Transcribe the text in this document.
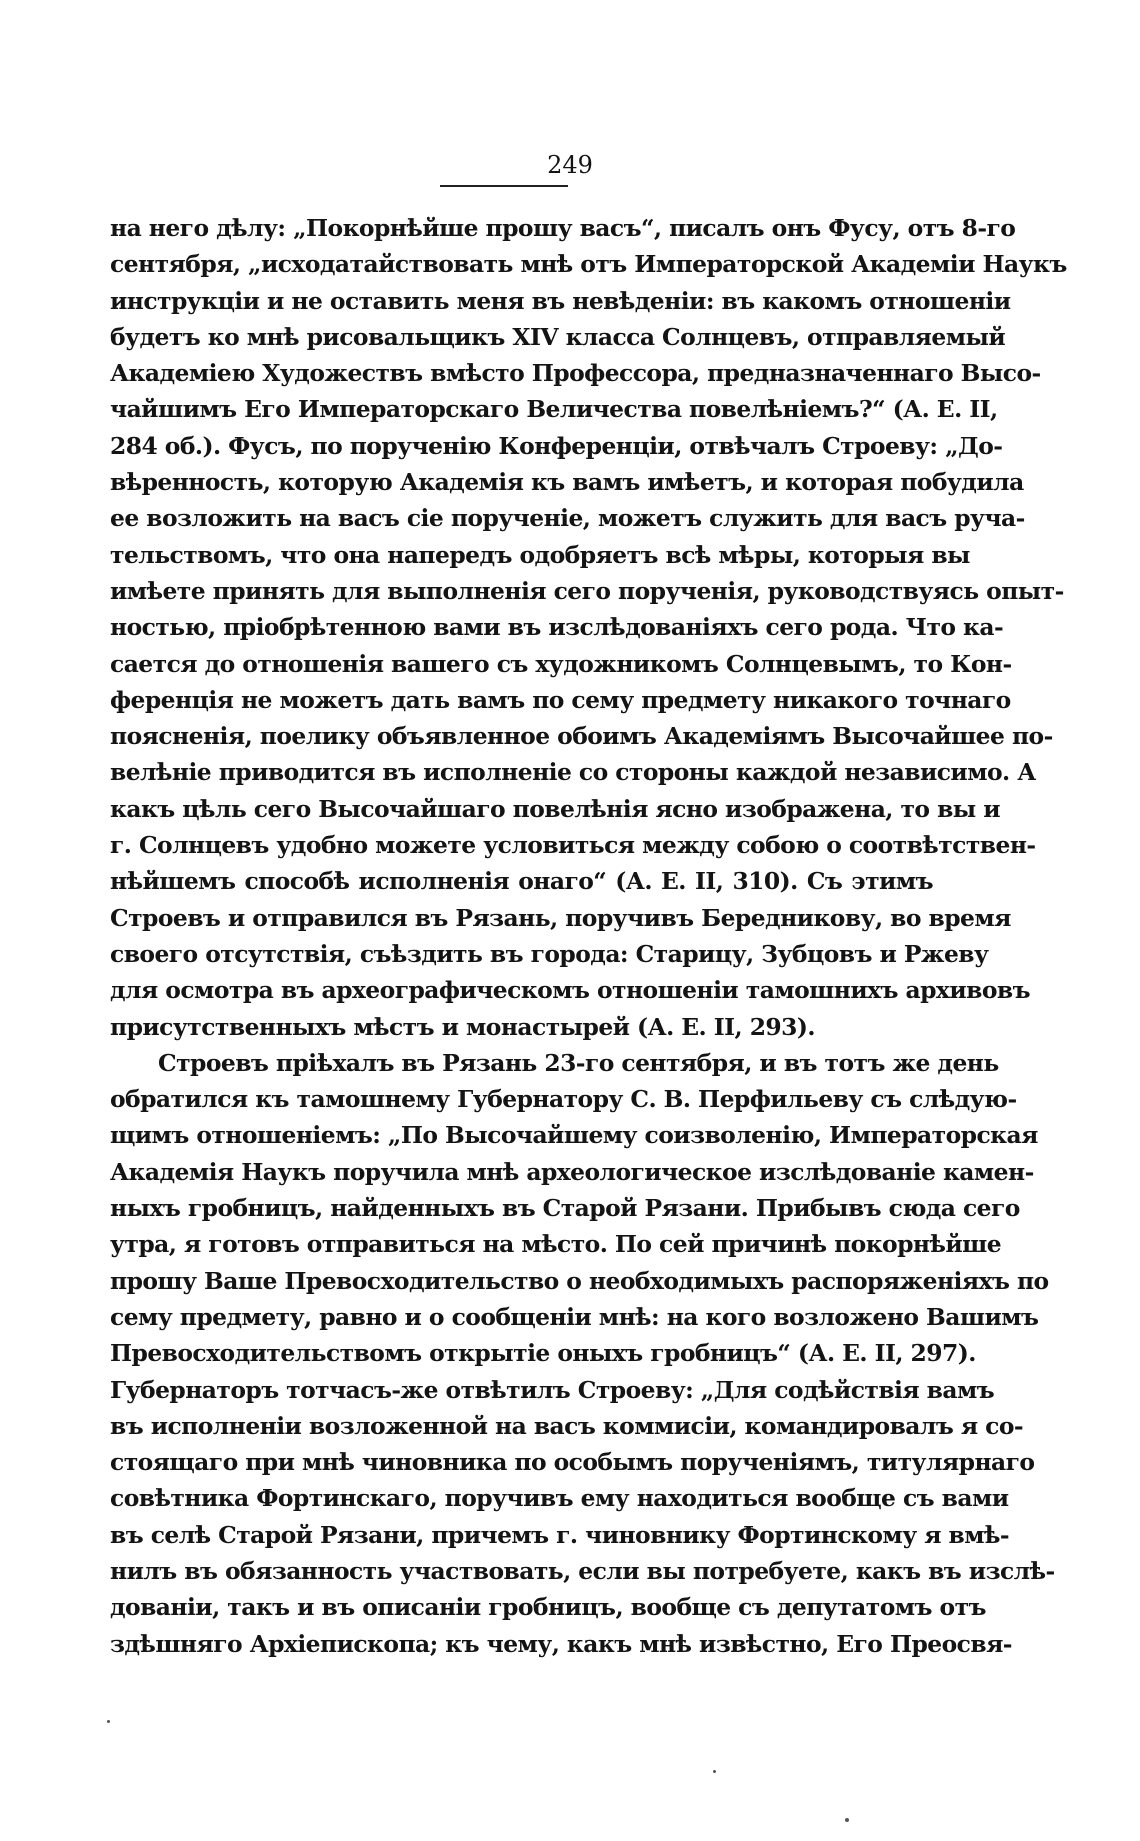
249
на него дѣлу: „Покорнѣйше прошу васъ“, писалъ онъ Фусу, отъ 8-го
сентября, „исходатайствовать мнѣ отъ Императорской Академіи Наукъ
инструкціи и не оставить меня въ невѣденіи: въ какомъ отношеніи
будетъ ко мнѣ рисовальщикъ XIV класса Солнцевъ, отправляемый
Академіею Художествъ вмѣсто Профессора, предназначеннаго Высо-
чайшимъ Его Императорскаго Величества повелѣніемъ?“ (А. Е. II,
284 об.). Фусъ, по порученію Конференціи, отвѣчалъ Строеву: „До-
вѣренность, которую Академія къ вамъ имѣетъ, и которая побудила
ее возложить на васъ сіе порученіе, можетъ служить для васъ руча-
тельствомъ, что она напередъ одобряетъ всѣ мѣры, которыя вы
имѣете принять для выполненія сего порученія, руководствуясь опыт-
ностью, пріобрѣтенною вами въ изслѣдованіяхъ сего рода. Что ка-
сается до отношенія вашего съ художникомъ Солнцевымъ, то Кон-
ференція не можетъ дать вамъ по сему предмету никакого точнаго
поясненія, поелику объявленное обоимъ Академіямъ Высочайшее по-
велѣніе приводится въ исполненіе со стороны каждой независимо. А
какъ цѣль сего Высочайшаго повелѣнія ясно изображена, то вы и
г. Солнцевъ удобно можете условиться между собою о соотвѣтствен-
нѣйшемъ способѣ исполненія онаго“ (А. Е. II, 310). Съ этимъ
Строевъ и отправился въ Рязань, поручивъ Бередникову, во время
своего отсутствія, съѣздить въ города: Старицу, Зубцовъ и Ржеву
для осмотра въ археографическомъ отношеніи тамошнихъ архивовъ
присутственныхъ мѣстъ и монастырей (А. Е. II, 293).
Строевъ пріѣхалъ въ Рязань 23-го сентября, и въ тотъ же день
обратился къ тамошнему Губернатору С. В. Перфильеву съ слѣдую-
щимъ отношеніемъ: „По Высочайшему соизволенію, Императорская
Академія Наукъ поручила мнѣ археологическое изслѣдованіе камен-
ныхъ гробницъ, найденныхъ въ Старой Рязани. Прибывъ сюда сего
утра, я готовъ отправиться на мѣсто. По сей причинѣ покорнѣйше
прошу Ваше Превосходительство о необходимыхъ распоряженіяхъ по
сему предмету, равно и о сообщеніи мнѣ: на кого возложено Вашимъ
Превосходительствомъ открытіе оныхъ гробницъ“ (А. Е. II, 297).
Губернаторъ тотчасъ-же отвѣтилъ Строеву: „Для содѣйствія вамъ
въ исполненіи возложенной на васъ коммисіи, командировалъ я со-
стоящаго при мнѣ чиновника по особымъ порученіямъ, титулярнаго
совѣтника Фортинскаго, поручивъ ему находиться вообще съ вами
въ селѣ Старой Рязани, причемъ г. чиновнику Фортинскому я вмѣ-
нилъ въ обязанность участвовать, если вы потребуете, какъ въ изслѣ-
дованіи, такъ и въ описаніи гробницъ, вообще съ депутатомъ отъ
здѣшняго Архіепископа; къ чему, какъ мнѣ извѣстно, Его Преосвя-
